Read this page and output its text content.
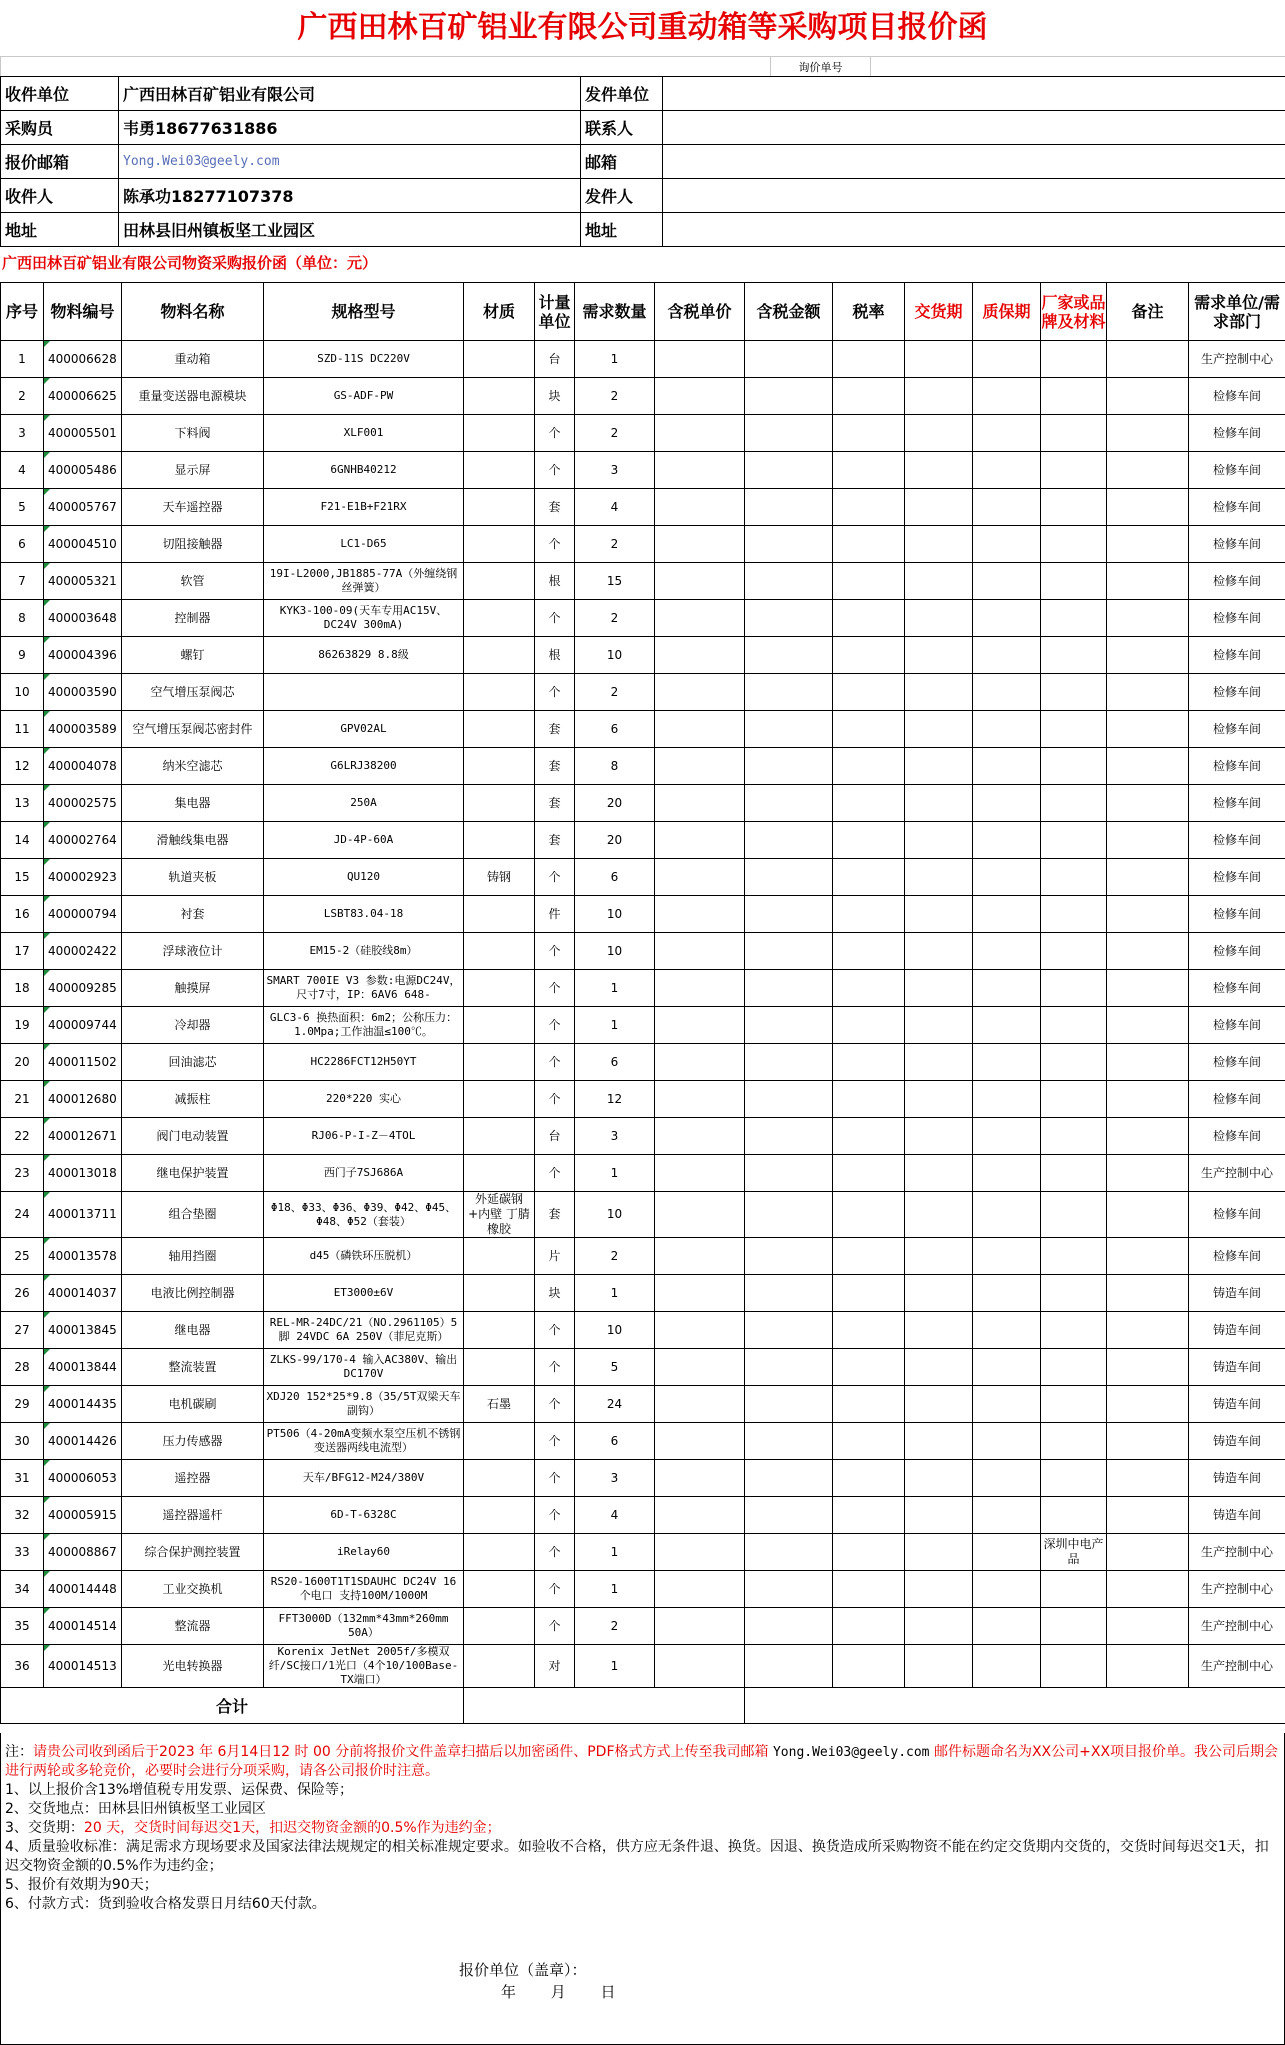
广西田林百矿铝业有限公司重动箱等采购项目报价函
	询价单号	
收件单位	广西田林百矿铝业有限公司	发件单位	
采购员	韦勇18677631886	联系人	
报价邮箱	Yong.Wei03@geely.com	邮箱	
收件人	陈承功18277107378	发件人	
地址	田林县旧州镇板坚工业园区	地址	
广西田林百矿铝业有限公司物资采购报价函（单位：元）
序号	物料编号	物料名称	规格型号	材质	计量单位	需求数量	含税单价	含税金额	税率	交货期	质保期	厂家或品牌及材料	备注	需求单位/需求部门
1	400006628	重动箱	SZD-11S DC220V		台	1								生产控制中心
2	400006625	重量变送器电源模块	GS-ADF-PW		块	2								检修车间
3	400005501	下料阀	XLF001		个	2								检修车间
4	400005486	显示屏	6GNHB40212		个	3								检修车间
5	400005767	天车遥控器	F21-E1B+F21RX		套	4								检修车间
6	400004510	切阻接触器	LC1-D65		个	2								检修车间
7	400005321	软管	19I-L2000,JB1885-77A（外缠绕钢丝弹簧）		根	15								检修车间
8	400003648	控制器	KYK3-100-09(天车专用AC15V、DC24V 300mA)		个	2								检修车间
9	400004396	螺钉	86263829 8.8级		根	10								检修车间
10	400003590	空气增压泵阀芯			个	2								检修车间
11	400003589	空气增压泵阀芯密封件	GPV02AL		套	6								检修车间
12	400004078	纳米空滤芯	G6LRJ38200		套	8								检修车间
13	400002575	集电器	250A		套	20								检修车间
14	400002764	滑触线集电器	JD-4P-60A		套	20								检修车间
15	400002923	轨道夹板	QU120	铸钢	个	6								检修车间
16	400000794	衬套	LSBT83.04-18		件	10								检修车间
17	400002422	浮球液位计	EM15-2（硅胶线8m）		个	10								检修车间
18	400009285	触摸屏	SMART 700IE V3 参数:电源DC24V，尺寸7寸，IP：6AV6 648-		个	1								检修车间
19	400009744	冷却器	GLC3-6 换热面积：6m2；公称压力：1.0Mpa;工作油温≤100℃。		个	1								检修车间
20	400011502	回油滤芯	HC2286FCT12H50YT		个	6								检修车间
21	400012680	减振柱	220*220 实心		个	12								检修车间
22	400012671	阀门电动装置	RJ06-P-I-Z－4TOL		台	3								检修车间
23	400013018	继电保护装置	西门子7SJ686A		个	1								生产控制中心
24	400013711	组合垫圈	Φ18、Φ33、Φ36、Φ39、Φ42、Φ45、Φ48、Φ52（套装）	外延碳钢+内壁 丁腈橡胶	套	10								检修车间
25	400013578	轴用挡圈	d45（磷铁环压脱机）		片	2								检修车间
26	400014037	电液比例控制器	ET3000±6V		块	1								铸造车间
27	400013845	继电器	REL-MR-24DC/21（NO.2961105）5脚 24VDC 6A 250V（菲尼克斯）		个	10								铸造车间
28	400013844	整流装置	ZLKS-99/170-4 输入AC380V、输出DC170V		个	5								铸造车间
29	400014435	电机碳刷	XDJ20 152*25*9.8（35/5T双梁天车副钩）	石墨	个	24								铸造车间
30	400014426	压力传感器	PT506（4-20mA变频水泵空压机不锈钢变送器两线电流型）		个	6								铸造车间
31	400006053	遥控器	天车/BFG12-M24/380V		个	3								铸造车间
32	400005915	遥控器遥杆	6D-T-6328C		个	4								铸造车间
33	400008867	综合保护测控装置	iRelay60		个	1						深圳中电产品		生产控制中心
34	400014448	工业交换机	RS20-1600T1T1SDAUHC DC24V 16个电口 支持100M/1000M		个	1								生产控制中心
35	400014514	整流器	FFT3000D（132mm*43mm*260mm 50A）		个	2								生产控制中心
36	400014513	光电转换器	Korenix JetNet 2005f/多模双纤/SC接口/1光口（4个10/100Base-TX端口）		对	1								生产控制中心
合计														
注：请贵公司收到函后于2023 年 6月14日12 时 00 分前将报价文件盖章扫描后以加密函件、PDF格式方式上传至我司邮箱 Yong.Wei03@geely.com 邮件标题命名为XX公司+XX项目报价单。我公司后期会进行两轮或多轮竞价，必要时会进行分项采购，请各公司报价时注意。
1、以上报价含13%增值税专用发票、运保费、保险等；
2、交货地点：田林县旧州镇板坚工业园区
3、交货期：20 天，交货时间每迟交1天，扣迟交物资金额的0.5%作为违约金；
4、质量验收标准：满足需求方现场要求及国家法律法规规定的相关标准规定要求。如验收不合格，供方应无条件退、换货。因退、换货造成所采购物资不能在约定交货期内交货的，交货时间每迟交1天，扣迟交物资金额的0.5%作为违约金；
5、报价有效期为90天；
6、付款方式：货到验收合格发票日月结60天付款。
报价单位（盖章）：
年 月 日
